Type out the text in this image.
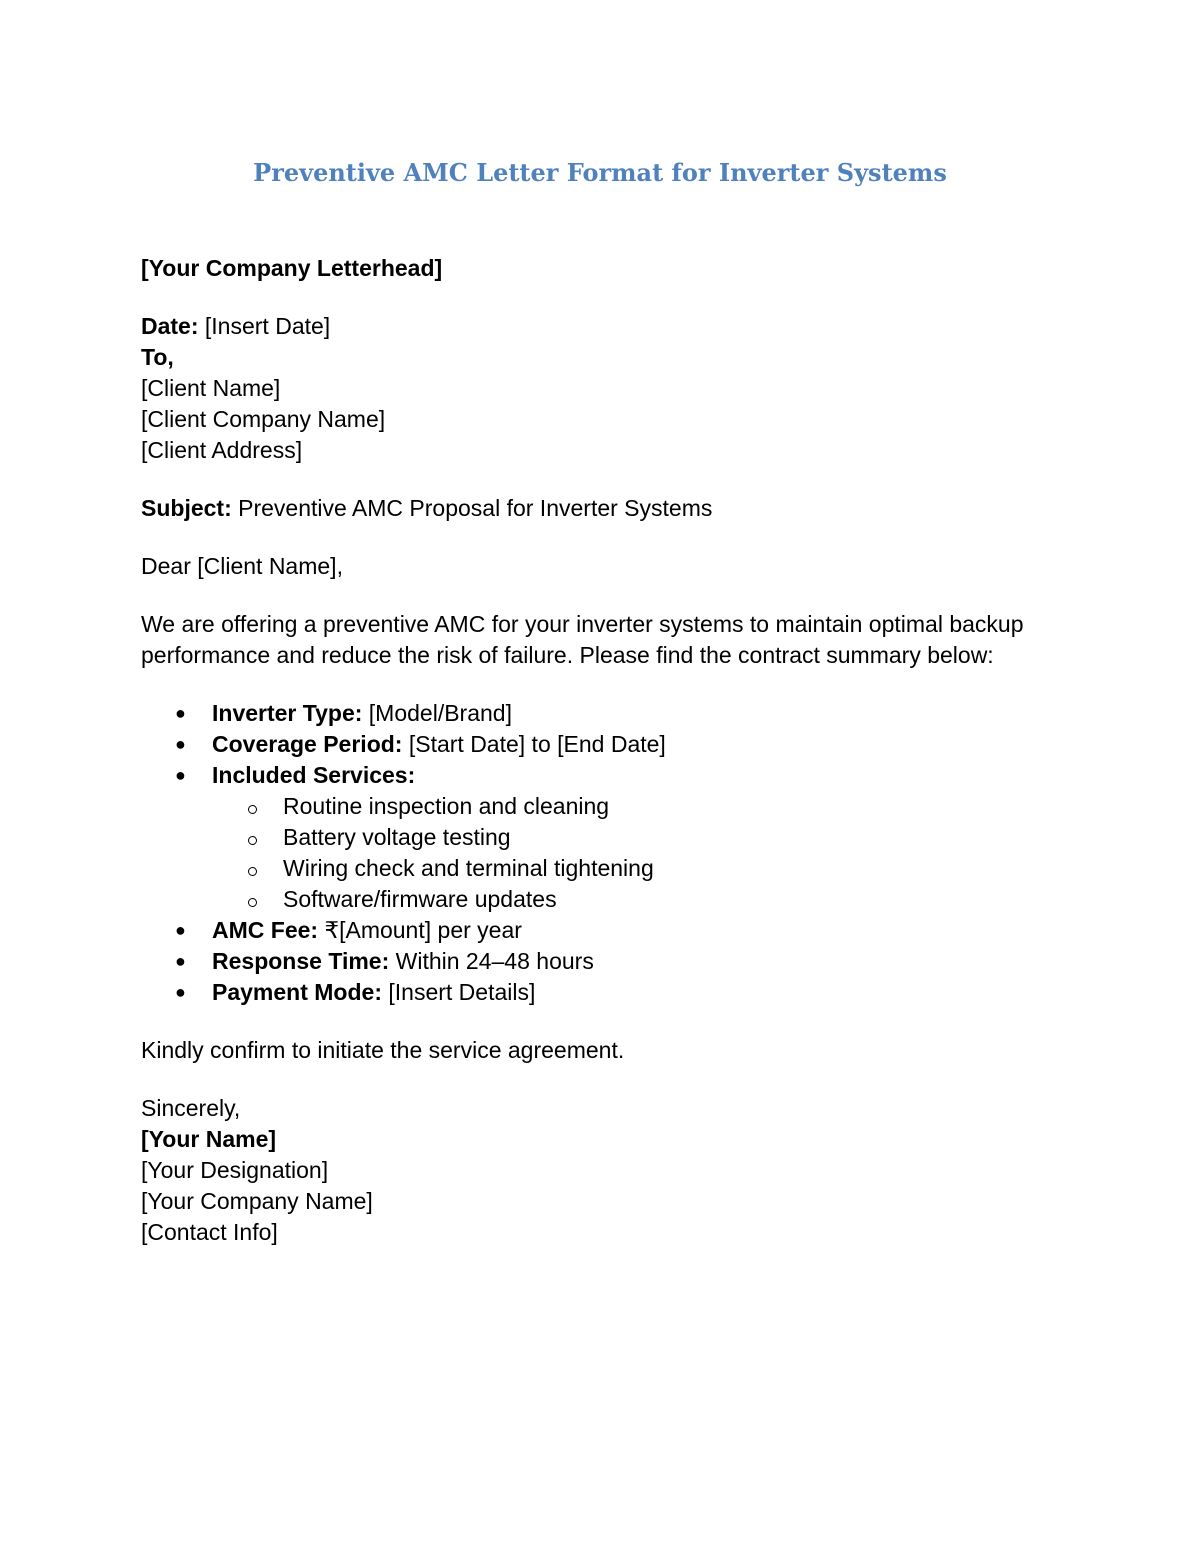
Preventive AMC Letter Format for Inverter Systems

[Your Company Letterhead]

Date: [Insert Date]

To,

[Client Name]

[Client Company Name]

[Client Address]

Subject: Preventive AMC Proposal for Inverter Systems

Dear [Client Name],

We are offering a preventive AMC for your inverter systems to maintain optimal backup performance and reduce the risk of failure. Please find the contract summary below:

● Inverter Type: [Model/Brand]
● Coverage Period: [Start Date] to [End Date]
● Included Services:
Routine inspection and cleaning
Battery voltage testing
Wiring check and terminal tightening
Software/firmware updates
● AMC Fee: ₹[Amount] per year
● Response Time: Within 24–48 hours
● Payment Mode: [Insert Details]

Kindly confirm to initiate the service agreement.

Sincerely,

[Your Name]

[Your Designation]

[Your Company Name]

[Contact Info]
